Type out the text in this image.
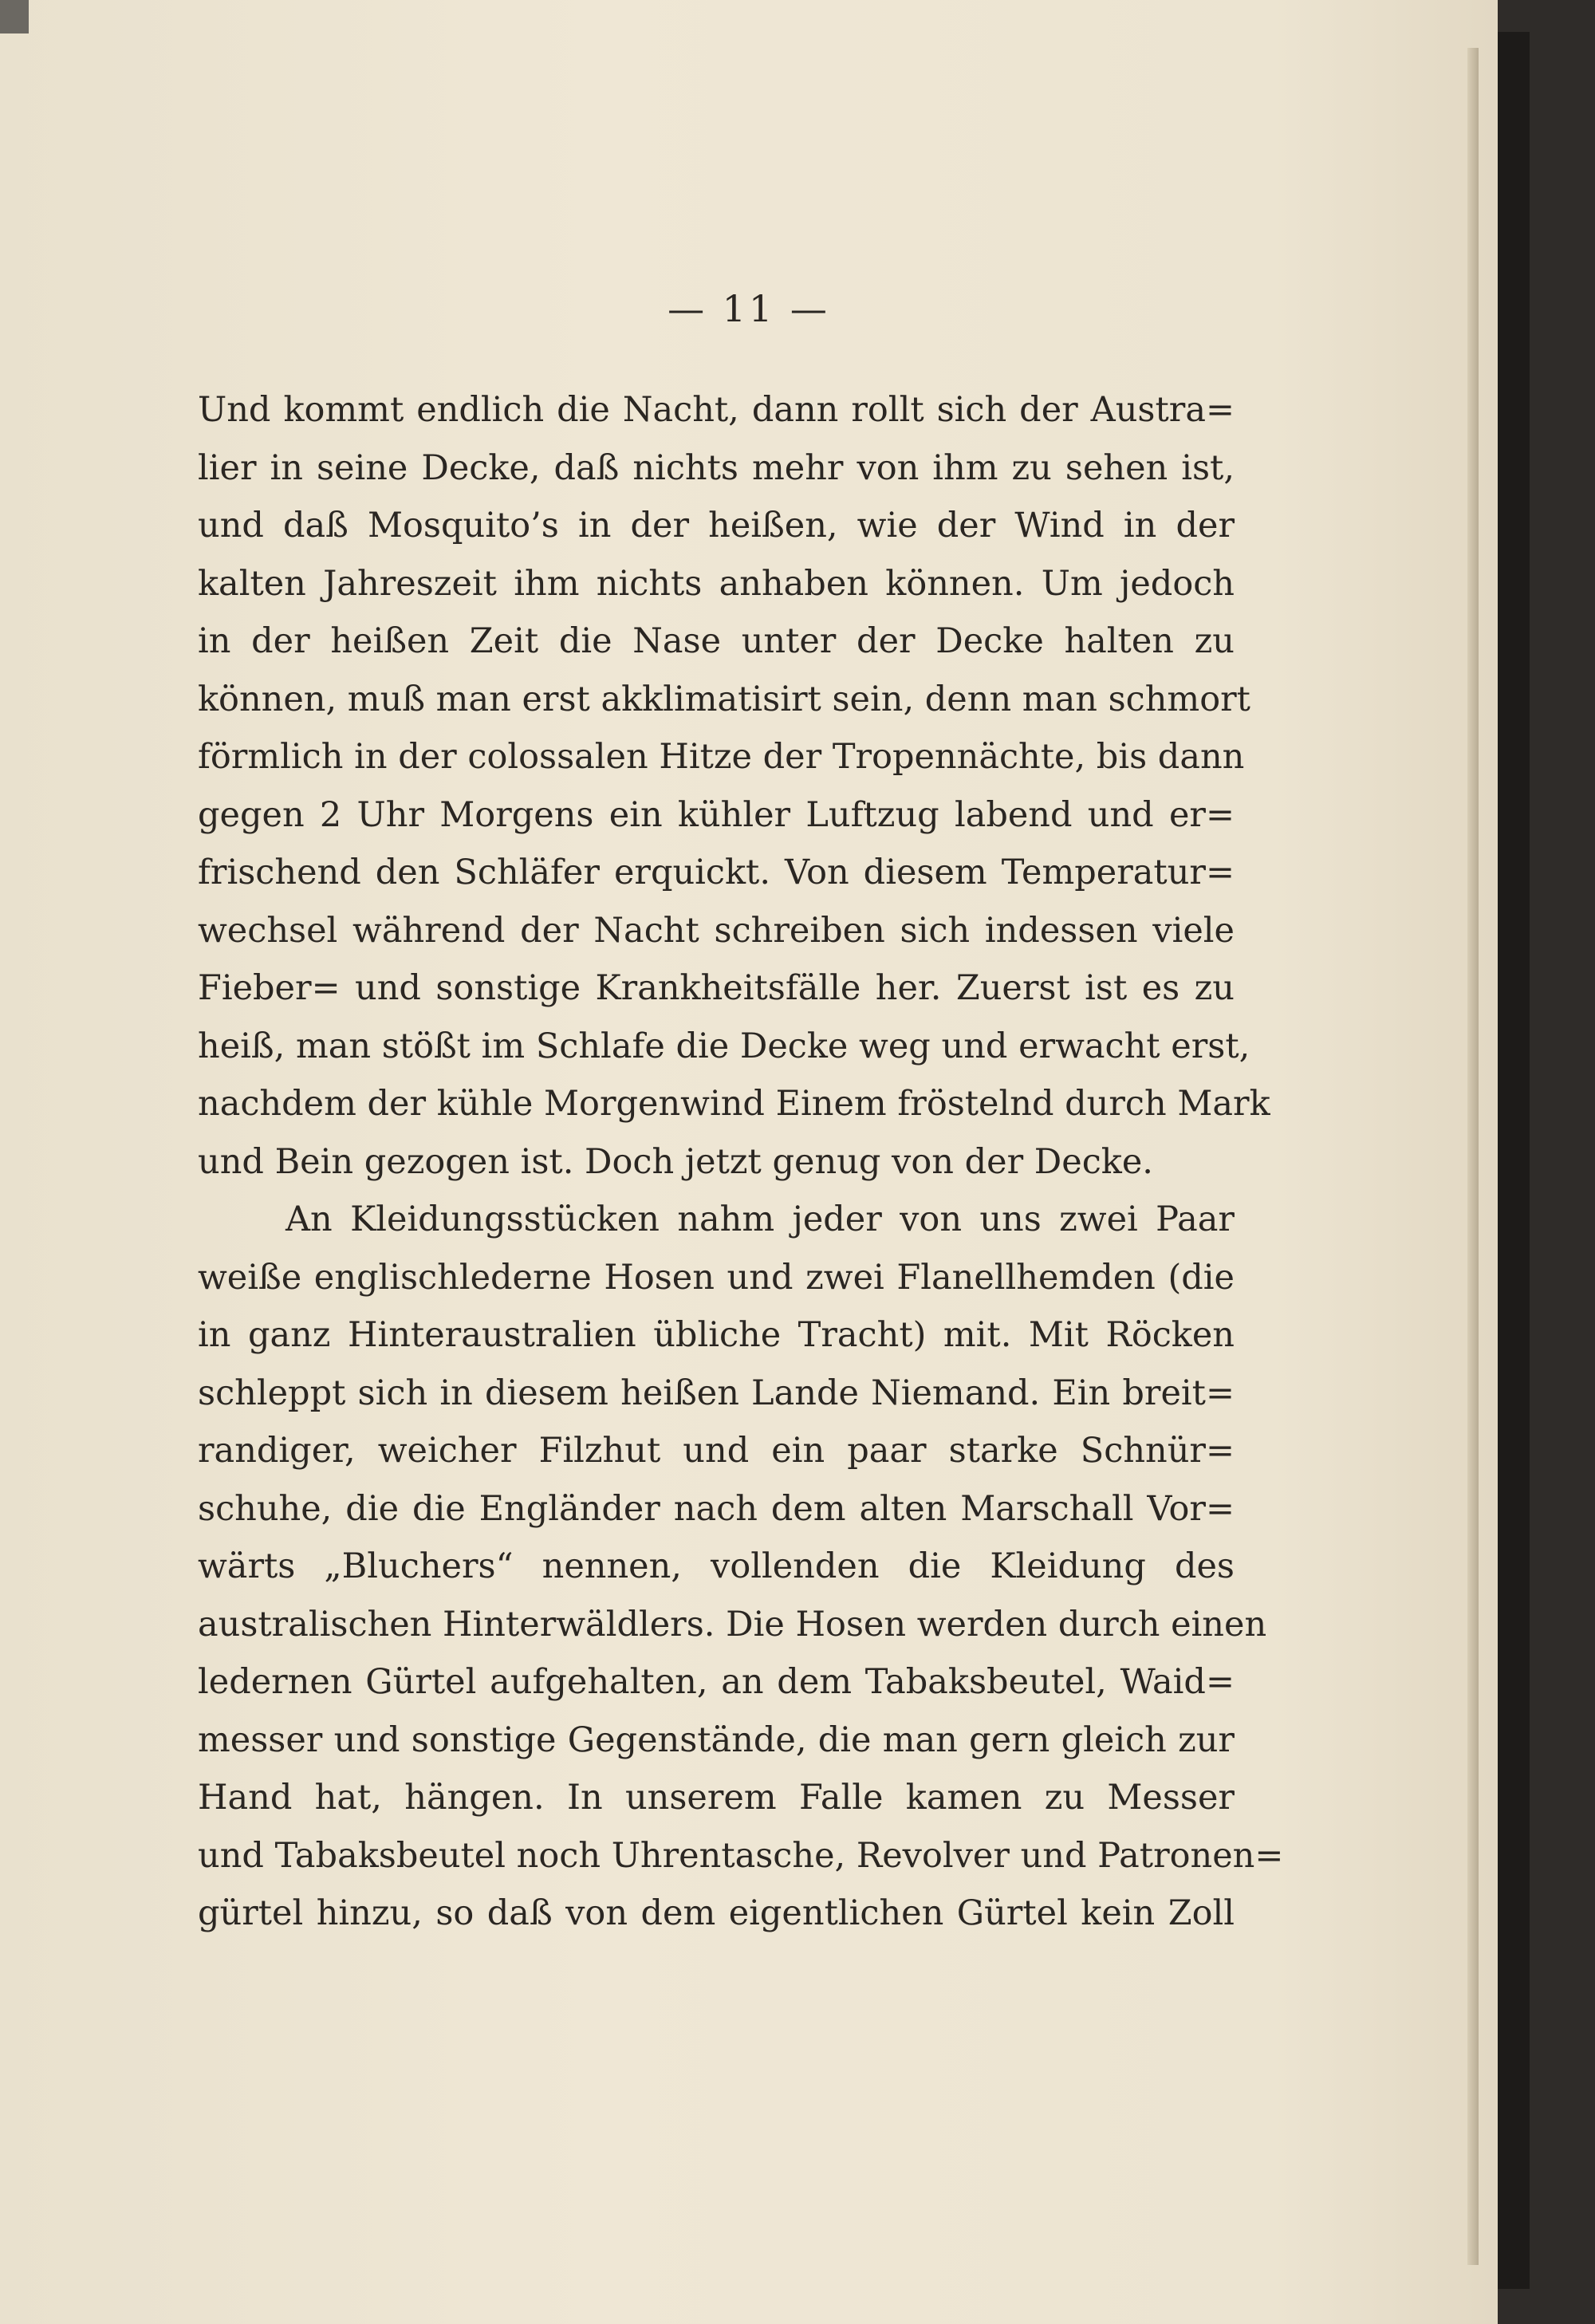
— 11 —
Und kommt endlich die Nacht, dann rollt sich der Austra=
lier in seine Decke, daß nichts mehr von ihm zu sehen ist,
und daß Mosquito’s in der heißen, wie der Wind in der
kalten Jahreszeit ihm nichts anhaben können. Um jedoch
in der heißen Zeit die Nase unter der Decke halten zu
können, muß man erst akklimatisirt sein, denn man schmort
förmlich in der colossalen Hitze der Tropennächte, bis dann
gegen 2 Uhr Morgens ein kühler Luftzug labend und er=
frischend den Schläfer erquickt. Von diesem Temperatur=
wechsel während der Nacht schreiben sich indessen viele
Fieber= und sonstige Krankheitsfälle her. Zuerst ist es zu
heiß, man stößt im Schlafe die Decke weg und erwacht erst,
nachdem der kühle Morgenwind Einem fröstelnd durch Mark
und Bein gezogen ist. Doch jetzt genug von der Decke.
An Kleidungsstücken nahm jeder von uns zwei Paar
weiße englischlederne Hosen und zwei Flanellhemden (die
in ganz Hinteraustralien übliche Tracht) mit. Mit Röcken
schleppt sich in diesem heißen Lande Niemand. Ein breit=
randiger, weicher Filzhut und ein paar starke Schnür=
schuhe, die die Engländer nach dem alten Marschall Vor=
wärts „Bluchers“ nennen, vollenden die Kleidung des
australischen Hinterwäldlers. Die Hosen werden durch einen
ledernen Gürtel aufgehalten, an dem Tabaksbeutel, Waid=
messer und sonstige Gegenstände, die man gern gleich zur
Hand hat, hängen. In unserem Falle kamen zu Messer
und Tabaksbeutel noch Uhrentasche, Revolver und Patronen=
gürtel hinzu, so daß von dem eigentlichen Gürtel kein Zoll
